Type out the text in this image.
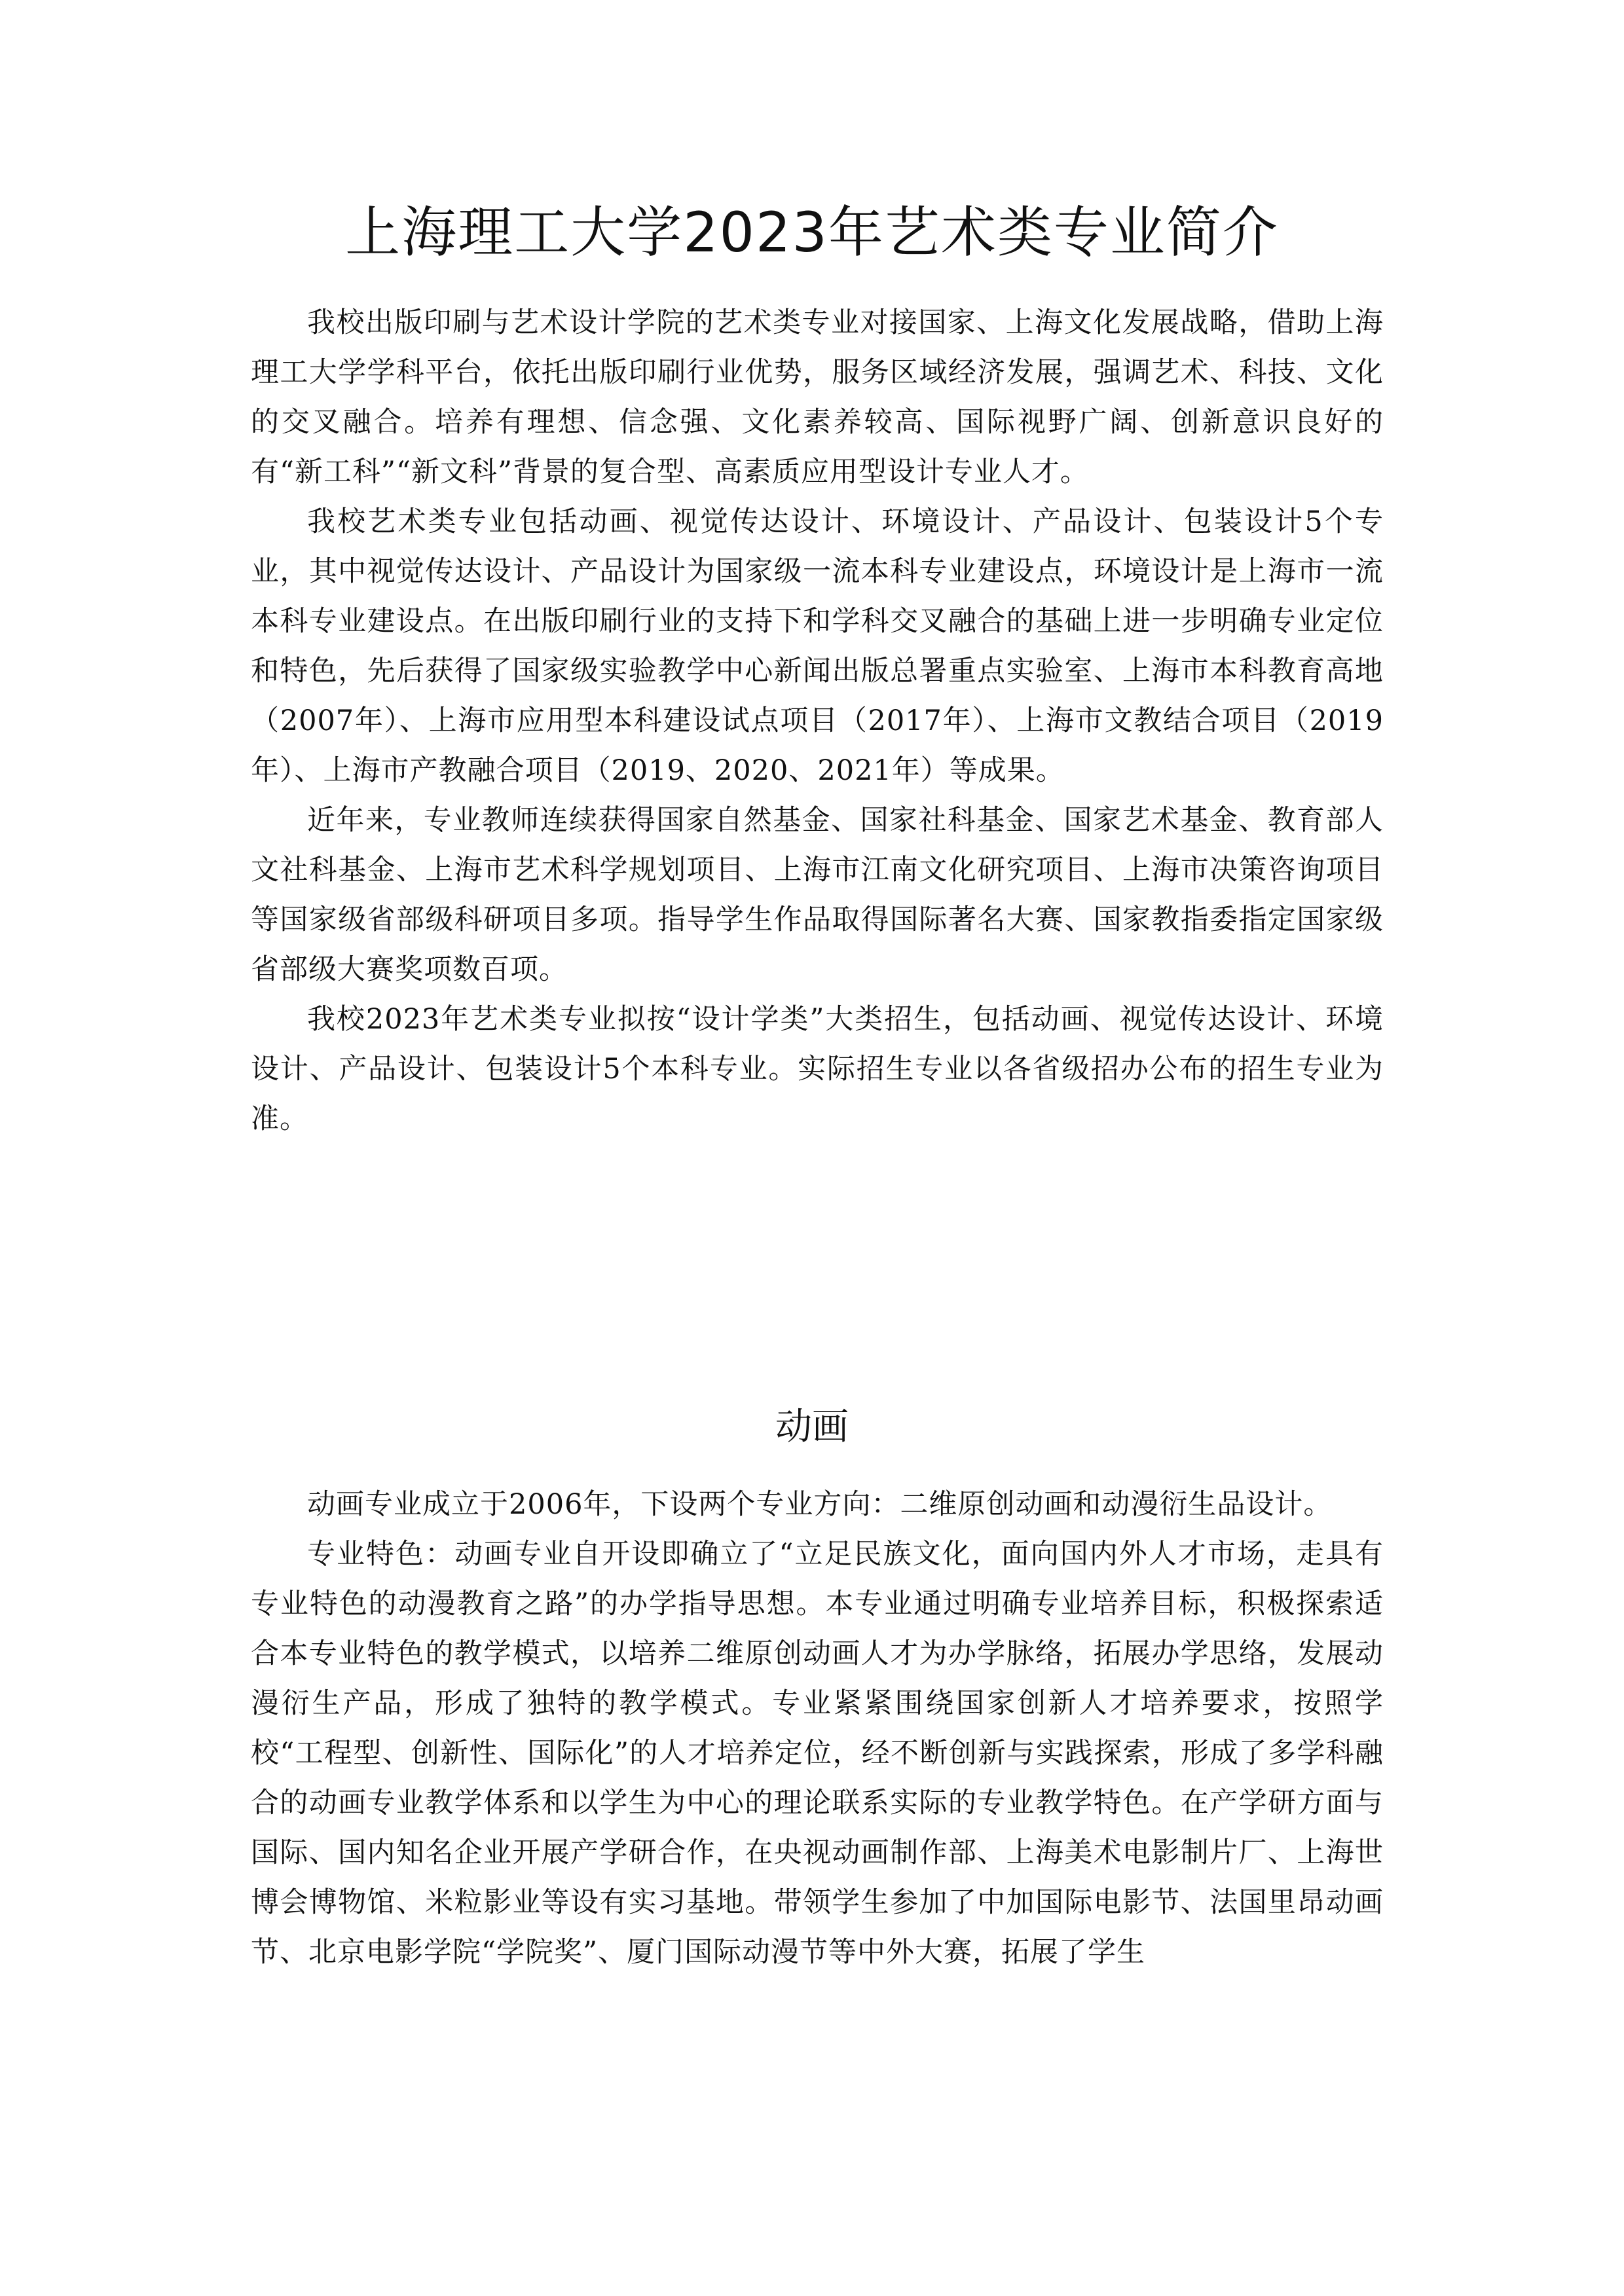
上海理工大学2023年艺术类专业简介

我校出版印刷与艺术设计学院的艺术类专业对接国家、上海文化发展战略，借助上海理工大学学科平台，依托出版印刷行业优势，服务区域经济发展，强调艺术、科技、文化的交叉融合。培养有理想、信念强、文化素养较高、国际视野广阔、创新意识良好的有“新工科”“新文科”背景的复合型、高素质应用型设计专业人才。

我校艺术类专业包括动画、视觉传达设计、环境设计、产品设计、包装设计5个专业，其中视觉传达设计、产品设计为国家级一流本科专业建设点，环境设计是上海市一流本科专业建设点。在出版印刷行业的支持下和学科交叉融合的基础上进一步明确专业定位和特色，先后获得了国家级实验教学中心新闻出版总署重点实验室、上海市本科教育高地（2007年）、上海市应用型本科建设试点项目（2017年）、上海市文教结合项目（2019年）、上海市产教融合项目（2019、2020、2021年）等成果。

近年来，专业教师连续获得国家自然基金、国家社科基金、国家艺术基金、教育部人文社科基金、上海市艺术科学规划项目、上海市江南文化研究项目、上海市决策咨询项目等国家级省部级科研项目多项。指导学生作品取得国际著名大赛、国家教指委指定国家级省部级大赛奖项数百项。

我校2023年艺术类专业拟按“设计学类”大类招生，包括动画、视觉传达设计、环境设计、产品设计、包装设计5个本科专业。实际招生专业以各省级招办公布的招生专业为准。

动画

动画专业成立于2006年，下设两个专业方向：二维原创动画和动漫衍生品设计。

专业特色：动画专业自开设即确立了“立足民族文化，面向国内外人才市场，走具有专业特色的动漫教育之路”的办学指导思想。本专业通过明确专业培养目标，积极探索适合本专业特色的教学模式，以培养二维原创动画人才为办学脉络，拓展办学思络，发展动漫衍生产品，形成了独特的教学模式。专业紧紧围绕国家创新人才培养要求，按照学校“工程型、创新性、国际化”的人才培养定位，经不断创新与实践探索，形成了多学科融合的动画专业教学体系和以学生为中心的理论联系实际的专业教学特色。在产学研方面与国际、国内知名企业开展产学研合作，在央视动画制作部、上海美术电影制片厂、上海世博会博物馆、米粒影业等设有实习基地。带领学生参加了中加国际电影节、法国里昂动画节、北京电影学院“学院奖”、厦门国际动漫节等中外大赛，拓展了学生
